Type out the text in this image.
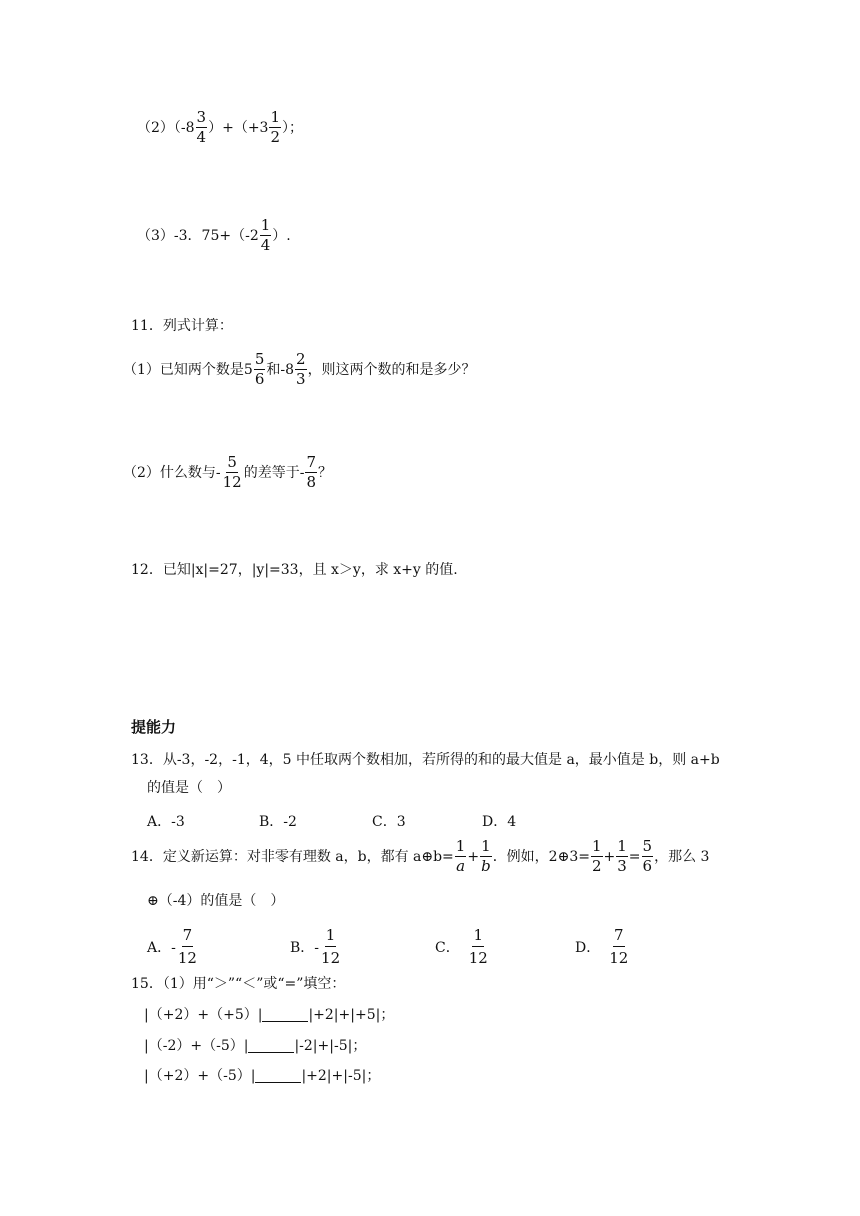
$(2)(-8 \frac{3}{4} )+(+3 \frac{1}{2}$ ）；
（3）-3．$75+(-2 \frac{1}{4}$ ）.
11．列式计算：
（1）已知两个数是$5 \frac{5}{6}$ 和$-8 \frac{2}{3}$ ，则这两个数的和是多少？
（2）什么数与- $\frac{5}{12}$ 的差等于- $\frac{7}{8}$ ？
12．已知|x|=27，|y|=33，且 x＞y，求 x+y 的值.
提能力
13．从-3，-2，-1，4，5 中任取两个数相加，若所得的和的最大值是 a，最小值是 b，则 a+b
的值是（　）
A．-3	B．-2	C．3	D．4
14．定义新运算：对非零有理数 a，b，都有 a⊕b= $\frac{1}{a} + \frac{1}{b}$ ．例如，2⊕3= $\frac{1}{2} + \frac{1}{3} = \frac{5}{6}$ ，那么 3
⊕（-4）的值是（　）
A．- $\frac{7}{12}$	B．- $\frac{1}{12}$	C． $\frac{1}{12}$	D． $\frac{7}{12}$
15．（1）用“＞”“＜”或“=”填空：
|（+2）+（+5）|	|+2|+|+5|；
|（-2）+（-5）|	|-2|+|-5|；
|（+2）+（-5）|	|+2|+|-5|；
